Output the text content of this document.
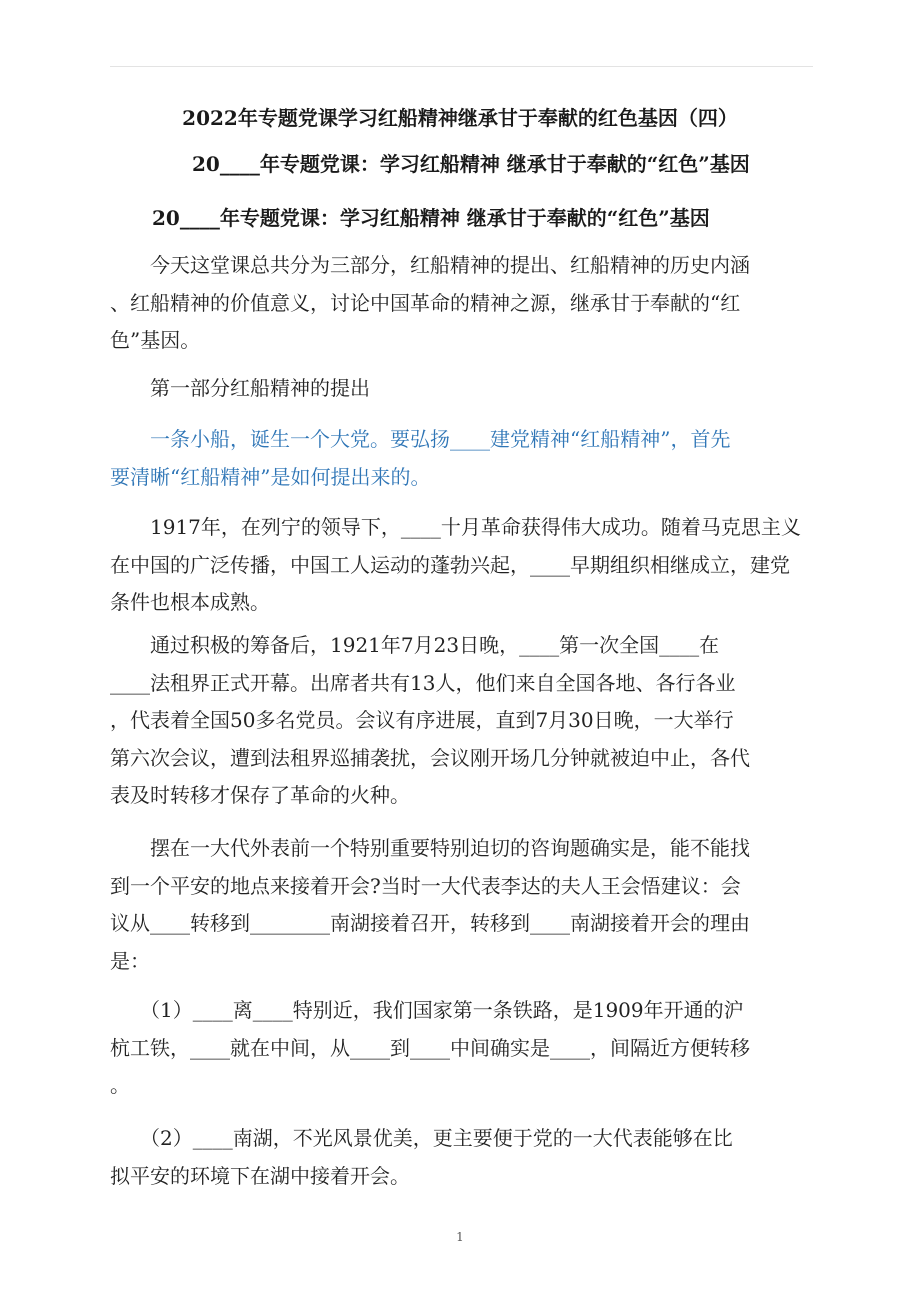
2022年专题党课学习红船精神继承甘于奉献的红色基因（四）
20____年专题党课：学习红船精神 继承甘于奉献的“红色”基因
20____年专题党课：学习红船精神 继承甘于奉献的“红色”基因
　　今天这堂课总共分为三部分，红船精神的提出、红船精神的历史内涵
、红船精神的价值意义，讨论中国革命的精神之源，继承甘于奉献的“红
色”基因。
　　第一部分红船精神的提出
　　一条小船，诞生一个大党。要弘扬____建党精神“红船精神”，首先
要清晰“红船精神”是如何提出来的。
　　1917年，在列宁的领导下，____十月革命获得伟大成功。随着马克思主义
在中国的广泛传播，中国工人运动的蓬勃兴起，____早期组织相继成立，建党
条件也根本成熟。
　　通过积极的筹备后，1921年7月23日晚，____第一次全国____在
____法租界正式开幕。出席者共有13人，他们来自全国各地、各行各业
，代表着全国50多名党员。会议有序进展，直到7月30日晚，一大举行
第六次会议，遭到法租界巡捕袭扰，会议刚开场几分钟就被迫中止，各代
表及时转移才保存了革命的火种。
　　摆在一大代外表前一个特别重要特别迫切的咨询题确实是，能不能找
到一个平安的地点来接着开会?当时一大代表李达的夫人王会悟建议：会
议从____转移到________南湖接着召开，转移到____南湖接着开会的理由
是：
　　（1）____离____特别近，我们国家第一条铁路，是1909年开通的沪
杭工铁，____就在中间，从____到____中间确实是____，间隔近方便转移
。
　　（2）____南湖，不光风景优美，更主要便于党的一大代表能够在比
拟平安的环境下在湖中接着开会。
1
